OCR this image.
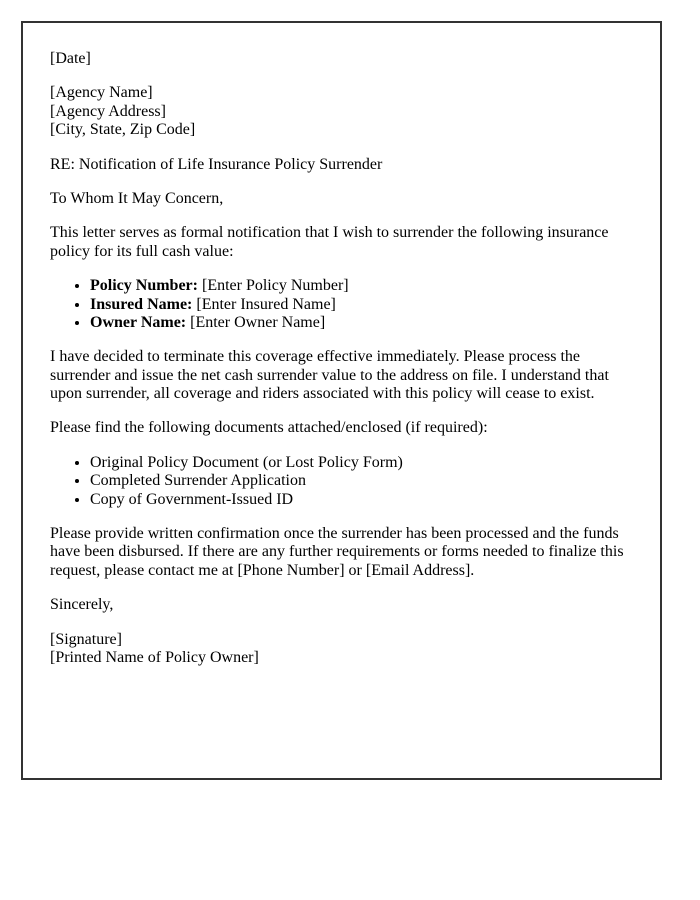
[Date]

[Agency Name]
[Agency Address]
[City, State, Zip Code]

RE: Notification of Life Insurance Policy Surrender

To Whom It May Concern,

This letter serves as formal notification that I wish to surrender the following insurance policy for its full cash value:

• Policy Number: [Enter Policy Number]
• Insured Name: [Enter Insured Name]
• Owner Name: [Enter Owner Name]

I have decided to terminate this coverage effective immediately. Please process the surrender and issue the net cash surrender value to the address on file. I understand that upon surrender, all coverage and riders associated with this policy will cease to exist.

Please find the following documents attached/enclosed (if required):

• Original Policy Document (or Lost Policy Form)
• Completed Surrender Application
• Copy of Government-Issued ID

Please provide written confirmation once the surrender has been processed and the funds have been disbursed. If there are any further requirements or forms needed to finalize this request, please contact me at [Phone Number] or [Email Address].

Sincerely,

[Signature]
[Printed Name of Policy Owner]
